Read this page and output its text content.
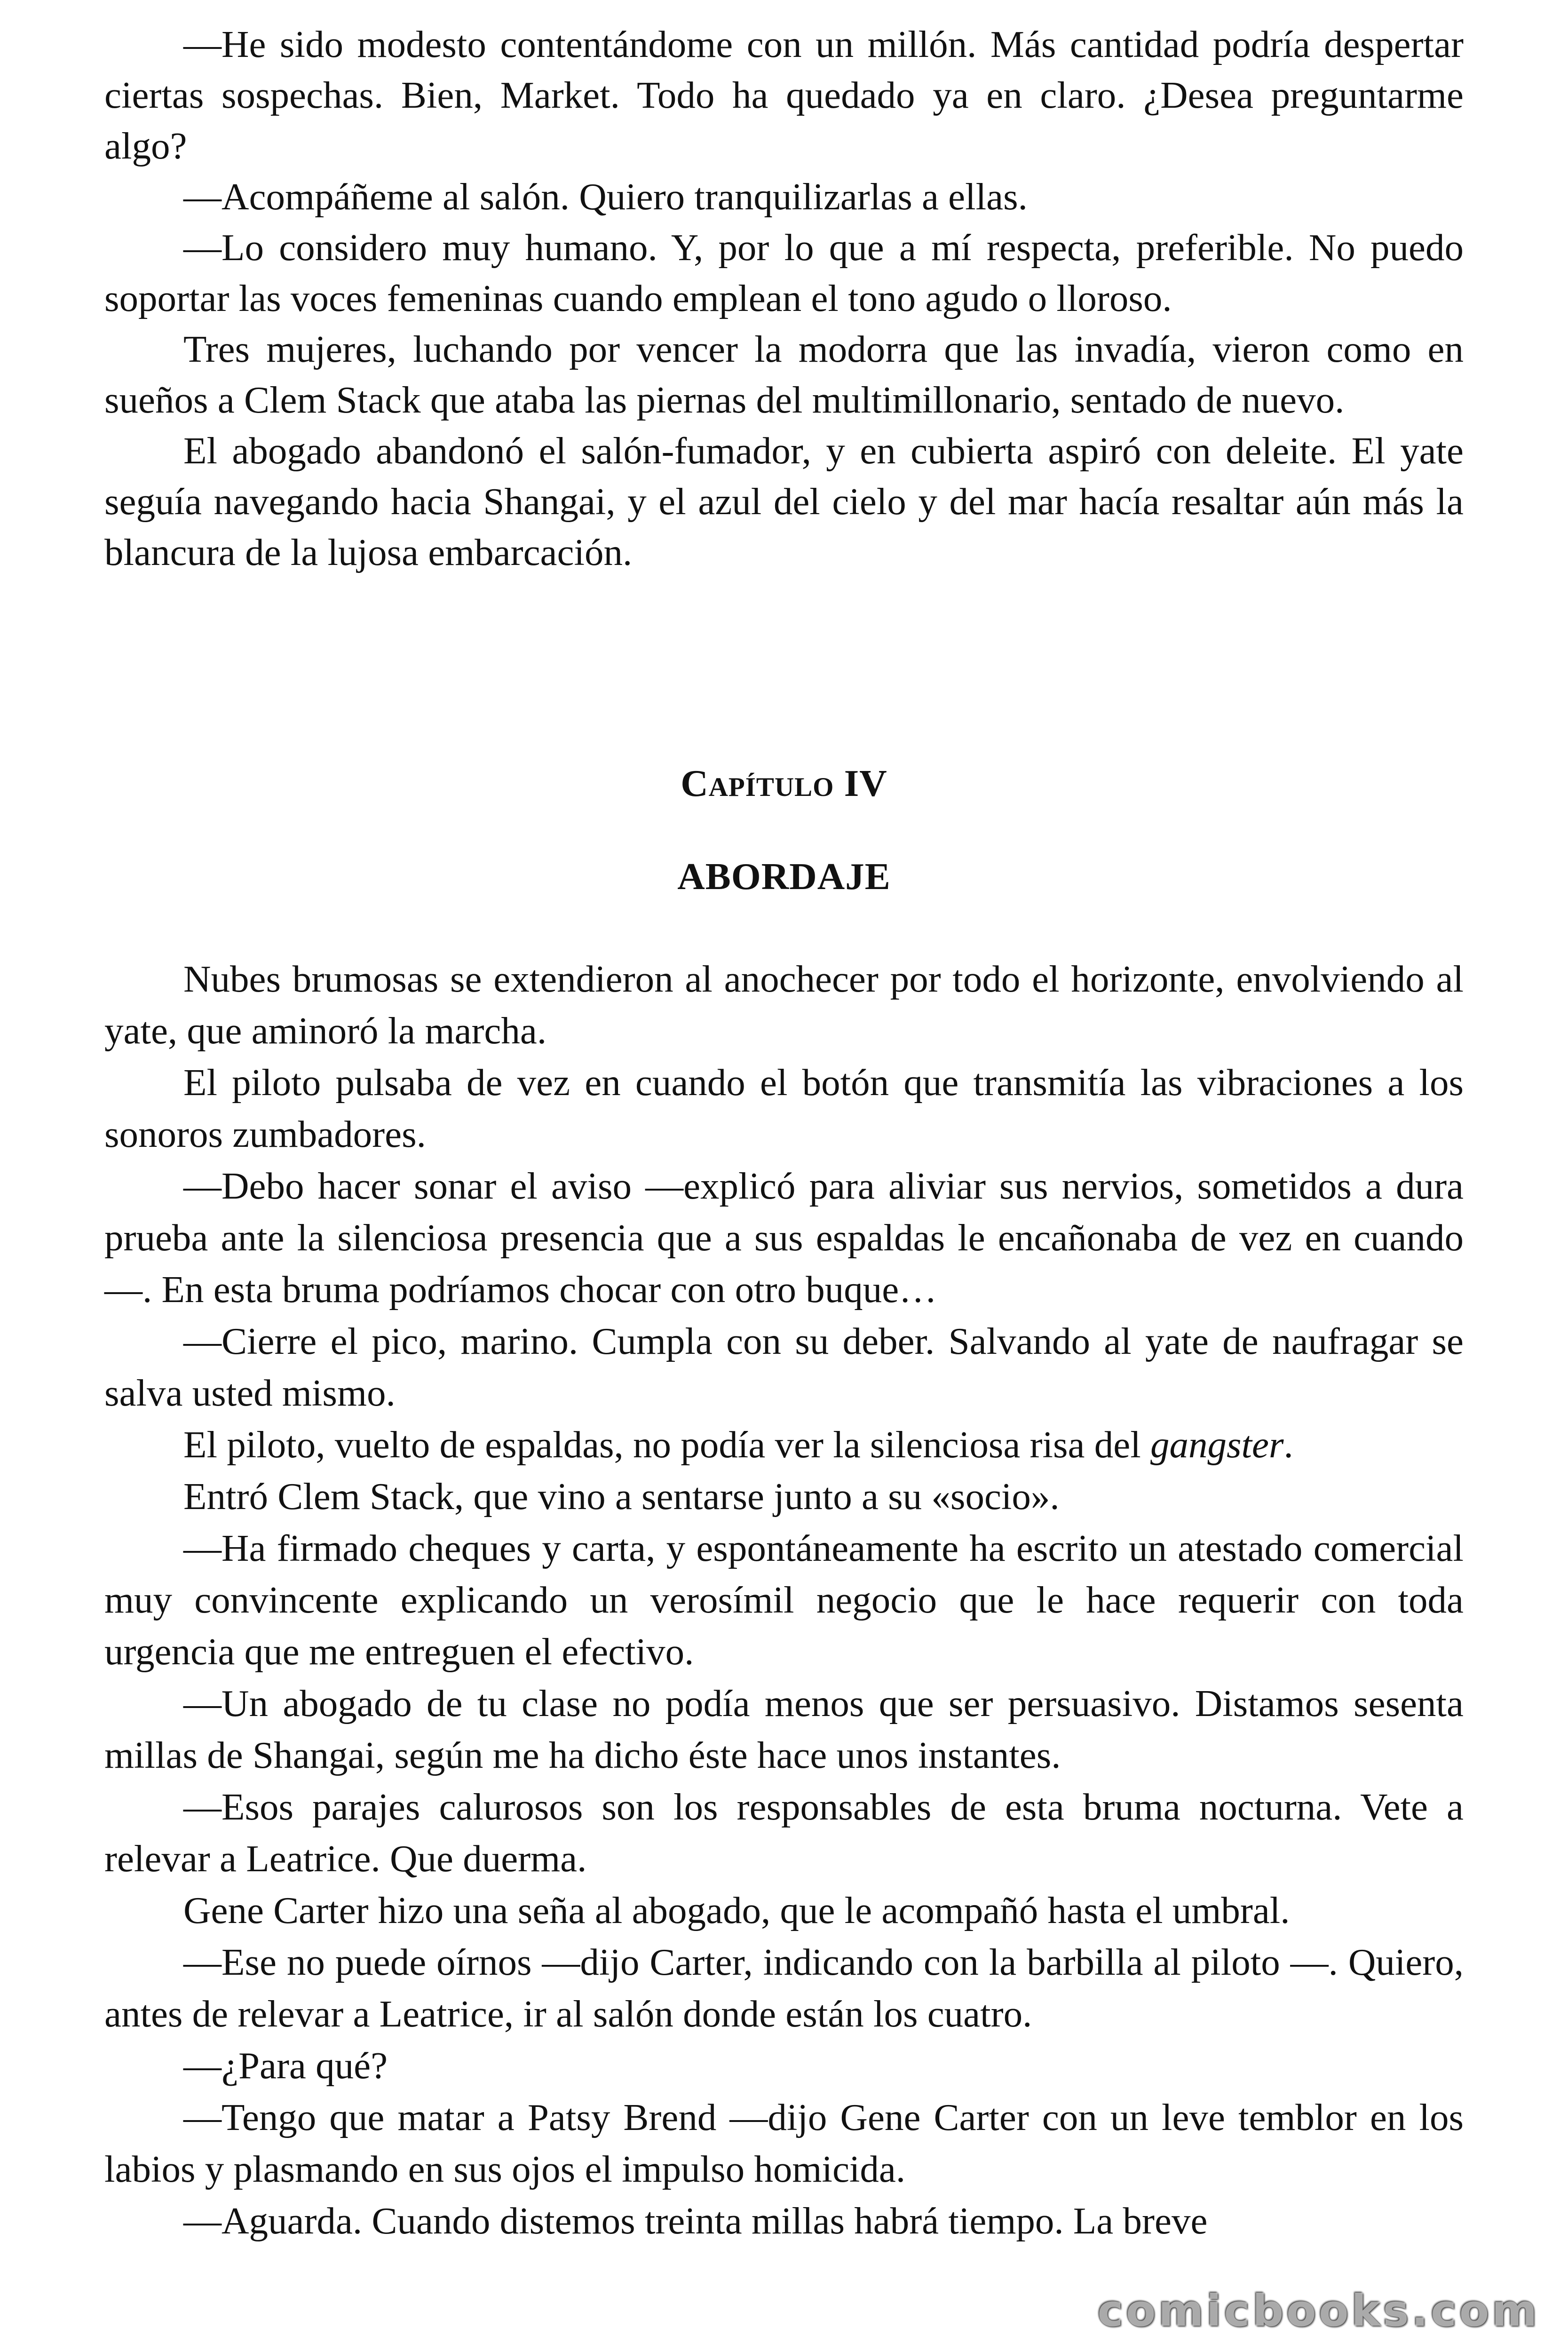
—He sido modesto contentándome con un millón. Más cantidad podría despertar ciertas sospechas. Bien, Market. Todo ha quedado ya en claro. ¿Desea preguntarme algo?

—Acompáñeme al salón. Quiero tranquilizarlas a ellas.

—Lo considero muy humano. Y, por lo que a mí respecta, preferible. No puedo soportar las voces femeninas cuando emplean el tono agudo o lloroso.

Tres mujeres, luchando por vencer la modorra que las invadía, vieron como en sueños a Clem Stack que ataba las piernas del multimillonario, sentado de nuevo.

El abogado abandonó el salón-fumador, y en cubierta aspiró con deleite. El yate seguía navegando hacia Shangai, y el azul del cielo y del mar hacía resaltar aún más la blancura de la lujosa embarcación.

Capítulo IV
ABORDAJE

Nubes brumosas se extendieron al anochecer por todo el horizonte, envolviendo al yate, que aminoró la marcha.

El piloto pulsaba de vez en cuando el botón que transmitía las vibraciones a los sonoros zumbadores.

—Debo hacer sonar el aviso —explicó para aliviar sus nervios, sometidos a dura prueba ante la silenciosa presencia que a sus espaldas le encañonaba de vez en cuando—. En esta bruma podríamos chocar con otro buque…

—Cierre el pico, marino. Cumpla con su deber. Salvando al yate de naufragar se salva usted mismo.

El piloto, vuelto de espaldas, no podía ver la silenciosa risa del gangster.

Entró Clem Stack, que vino a sentarse junto a su «socio».

—Ha firmado cheques y carta, y espontáneamente ha escrito un atestado comercial muy convincente explicando un verosímil negocio que le hace requerir con toda urgencia que me entreguen el efectivo.

—Un abogado de tu clase no podía menos que ser persuasivo. Distamos sesenta millas de Shangai, según me ha dicho éste hace unos instantes.

—Esos parajes calurosos son los responsables de esta bruma nocturna. Vete a relevar a Leatrice. Que duerma.

Gene Carter hizo una seña al abogado, que le acompañó hasta el umbral.

—Ese no puede oírnos —dijo Carter, indicando con la barbilla al piloto —. Quiero, antes de relevar a Leatrice, ir al salón donde están los cuatro.

—¿Para qué?

—Tengo que matar a Patsy Brend —dijo Gene Carter con un leve temblor en los labios y plasmando en sus ojos el impulso homicida.

—Aguarda. Cuando distemos treinta millas habrá tiempo. La breve

comicbooks.com
